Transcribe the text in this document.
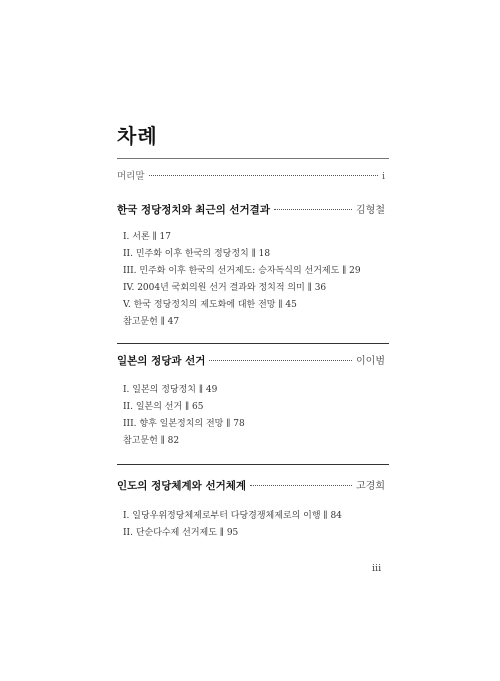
차례
머리말	i
한국 정당정치와 최근의 선거결과	김형철
I. 서론 ∥ 17
II. 민주화 이후 한국의 정당정치 ∥ 18
III. 민주화 이후 한국의 선거제도: 승자독식의 선거제도 ∥ 29
IV. 2004년 국회의원 선거 결과와 정치적 의미 ∥ 36
V. 한국 정당정치의 제도화에 대한 전망 ∥ 45
참고문헌 ∥ 47
일본의 정당과 선거	이이범
I. 일본의 정당정치 ∥ 49
II. 일본의 선거 ∥ 65
III. 향후 일본정치의 전망 ∥ 78
참고문헌 ∥ 82
인도의 정당체계와 선거체계	고경희
I. 일당우위정당체제로부터 다당경쟁체제로의 이행 ∥ 84
II. 단순다수제 선거제도 ∥ 95
iii
